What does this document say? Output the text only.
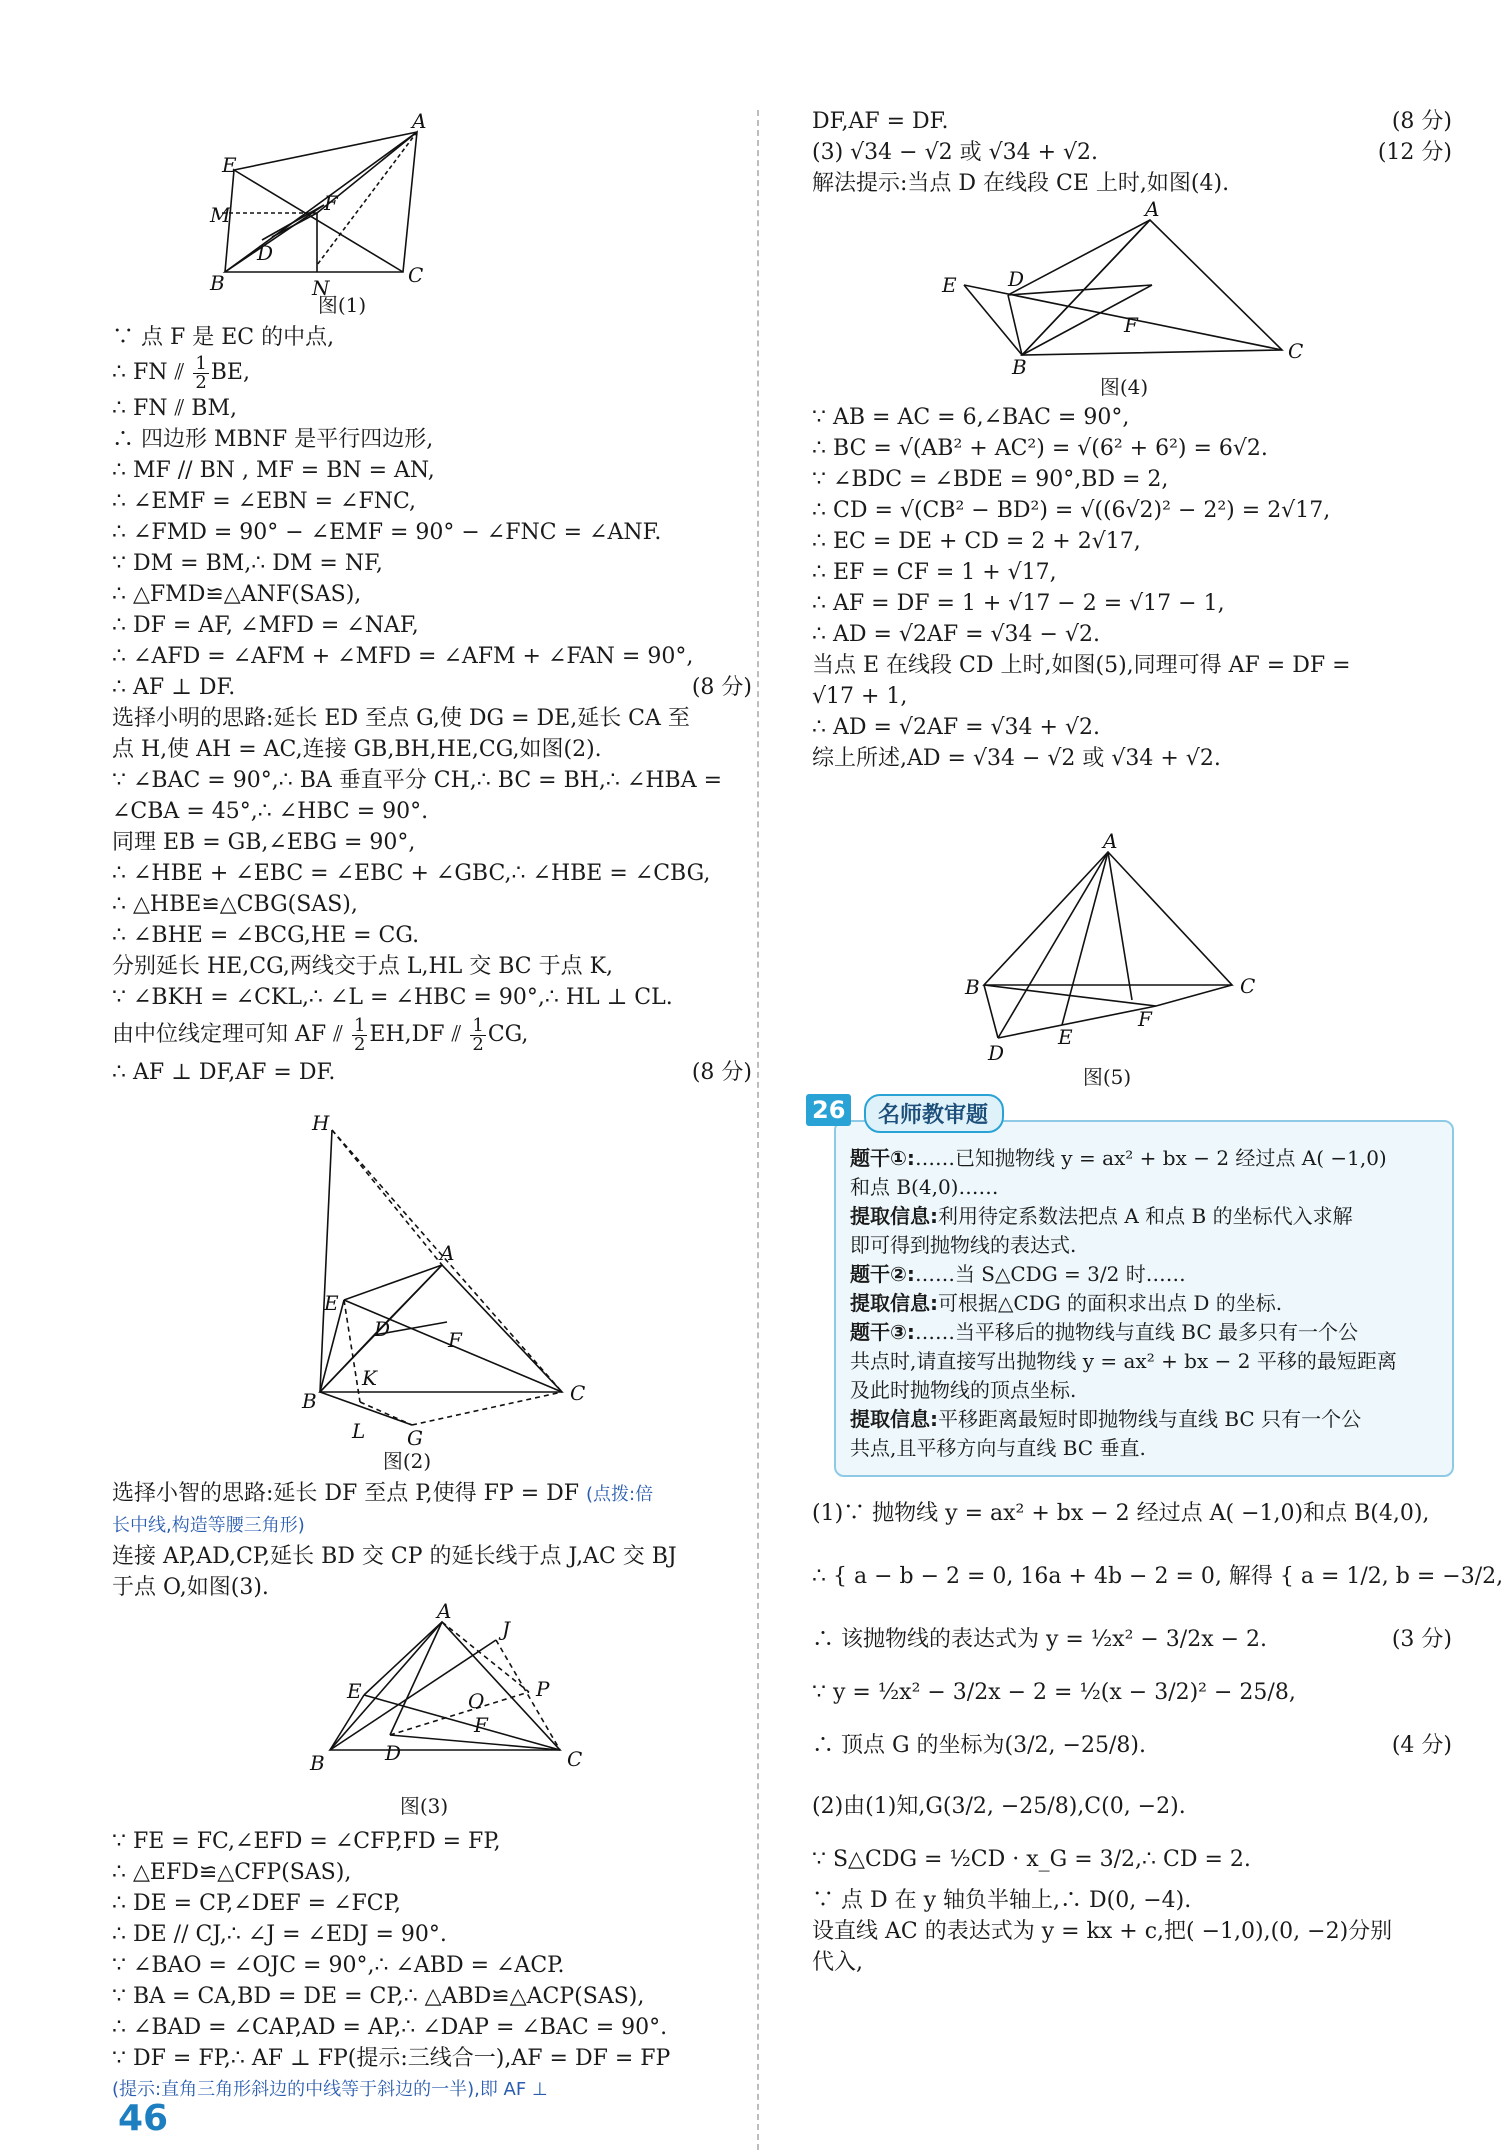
A
E
M	F
D
B	N
C
图(1)
∵ 点 F 是 EC 的中点,
∴ FN ⫽ $\frac{1}{2}$ BE,
∴ FN ⫽ BM,
∴ 四边形 MBNF 是平行四边形,
∴ MF // BN , MF = BN = AN,
∴ ∠EMF = ∠EBN = ∠FNC,
∴ ∠FMD = 90° − ∠EMF = 90° − ∠FNC = ∠ANF.
∵ DM = BM,∴ DM = NF,
∴ △FMD≌△ANF(SAS),
∴ DF = AF, ∠MFD = ∠NAF,
∴ ∠AFD = ∠AFM + ∠MFD = ∠AFM + ∠FAN = 90°,
∴ AF ⊥ DF.	(8 分)
选择小明的思路:延长 ED 至点 G,使 DG = DE,延长 CA 至
点 H,使 AH = AC,连接 GB,BH,HE,CG,如图(2).
∵ ∠BAC = 90°,∴ BA 垂直平分 CH,∴ BC = BH,∴ ∠HBA =
∠CBA = 45°,∴ ∠HBC = 90°.
同理 EB = GB,∠EBG = 90°,
∴ ∠HBE + ∠EBC = ∠EBC + ∠GBC,∴ ∠HBE = ∠CBG,
∴ △HBE≌△CBG(SAS),
∴ ∠BHE = ∠BCG,HE = CG.
分别延长 HE,CG,两线交于点 L,HL 交 BC 于点 K,
∵ ∠BKH = ∠CKL,∴ ∠L = ∠HBC = 90°,∴ HL ⊥ CL.
由中位线定理可知 AF ⫽ $\frac{1}{2} EH,DF$ ⫽ $\frac{1}{2}$ CG,
∴ AF ⊥ DF,AF = DF.	(8 分)
H
A
E
D	F
K
B	C
L G
图(2)
选择小智的思路:延长 DF 至点 P,使得 FP = DF (点拨:倍
长中线,构造等腰三角形)
连接 AP,AD,CP,延长 BD 交 CP 的延长线于点 J,AC 交 BJ
于点 O,如图(3).
A
J
E	O	P
D
F
B	C
图(3)
∵ FE = FC,∠EFD = ∠CFP,FD = FP,
∴ △EFD≌△CFP(SAS),
∴ DE = CP,∠DEF = ∠FCP,
∴ DE // CJ,∴ ∠J = ∠EDJ = 90°.
∵ ∠BAO = ∠OJC = 90°,∴ ∠ABD = ∠ACP.
∵ BA = CA,BD = DE = CP,∴ △ABD≌△ACP(SAS),
∴ ∠BAD = ∠CAP,AD = AP,∴ ∠DAP = ∠BAC = 90°.
∵ DF = FP,∴ AF ⊥ FP(提示:三线合一),AF = DF = FP
(提示:直角三角形斜边的中线等于斜边的一半),即 AF ⊥
46
DF,AF = DF.	(8 分)
(3) √34 − √2 或 √34 + √2.	(12 分)
解法提示:当点 D 在线段 CE 上时,如图(4).
A
E	D
F
B
C
图(4)
∵ AB = AC = 6,∠BAC = 90°,
∴ BC = √(AB² + AC²) = √(6² + 6²) = 6√2.
∵ ∠BDC = ∠BDE = 90°,BD = 2,
∴ CD = √(CB² − BD²) = √((6√2)² − 2²) = 2√17,
∴ EC = DE + CD = 2 + 2√17,
∴ EF = CF = 1 + √17,
∴ AF = DF = 1 + √17 − 2 = √17 − 1,
∴ AD = √2AF = √34 − √2.
当点 E 在线段 CD 上时,如图(5),同理可得 AF = DF =
√17 + 1,
∴ AD = √2AF = √34 + √2.
综上所述,AD = √34 − √2 或 √34 + √2.
A
B	C
F
E
D
图(5)
26	名师教审题
题干①:……已知抛物线 y = ax² + bx − 2 经过点 A( −1,0)
和点 B(4,0)……
提取信息:利用待定系数法把点 A 和点 B 的坐标代入求解
即可得到抛物线的表达式.
题干②:……当 S△CDG = 3/2 时……
提取信息:可根据△CDG 的面积求出点 D 的坐标.
题干③:……当平移后的抛物线与直线 BC 最多只有一个公
共点时,请直接写出抛物线 y = ax² + bx − 2 平移的最短距离
及此时抛物线的顶点坐标.
提取信息:平移距离最短时即抛物线与直线 BC 只有一个公
共点,且平移方向与直线 BC 垂直.
(1)∵ 抛物线 y = ax² + bx − 2 经过点 A( −1,0)和点 B(4,0),
∴ { a − b − 2 = 0, 16a + 4b − 2 = 0, 解得 { a = 1/2, b = −3/2,
∴ 该抛物线的表达式为 y = ½x² − 3/2x − 2.	(3 分)
∵ y = ½x² − 3/2x − 2 = ½(x − 3/2)² − 25/8,
∴ 顶点 G 的坐标为(3/2, −25/8).	(4 分)
(2)由(1)知,G(3/2, −25/8),C(0, −2).
∵ S△CDG = ½CD · x_G = 3/2,∴ CD = 2.
∵ 点 D 在 y 轴负半轴上,∴ D(0, −4).
设直线 AC 的表达式为 y = kx + c,把( −1,0),(0, −2)分别
代入,
